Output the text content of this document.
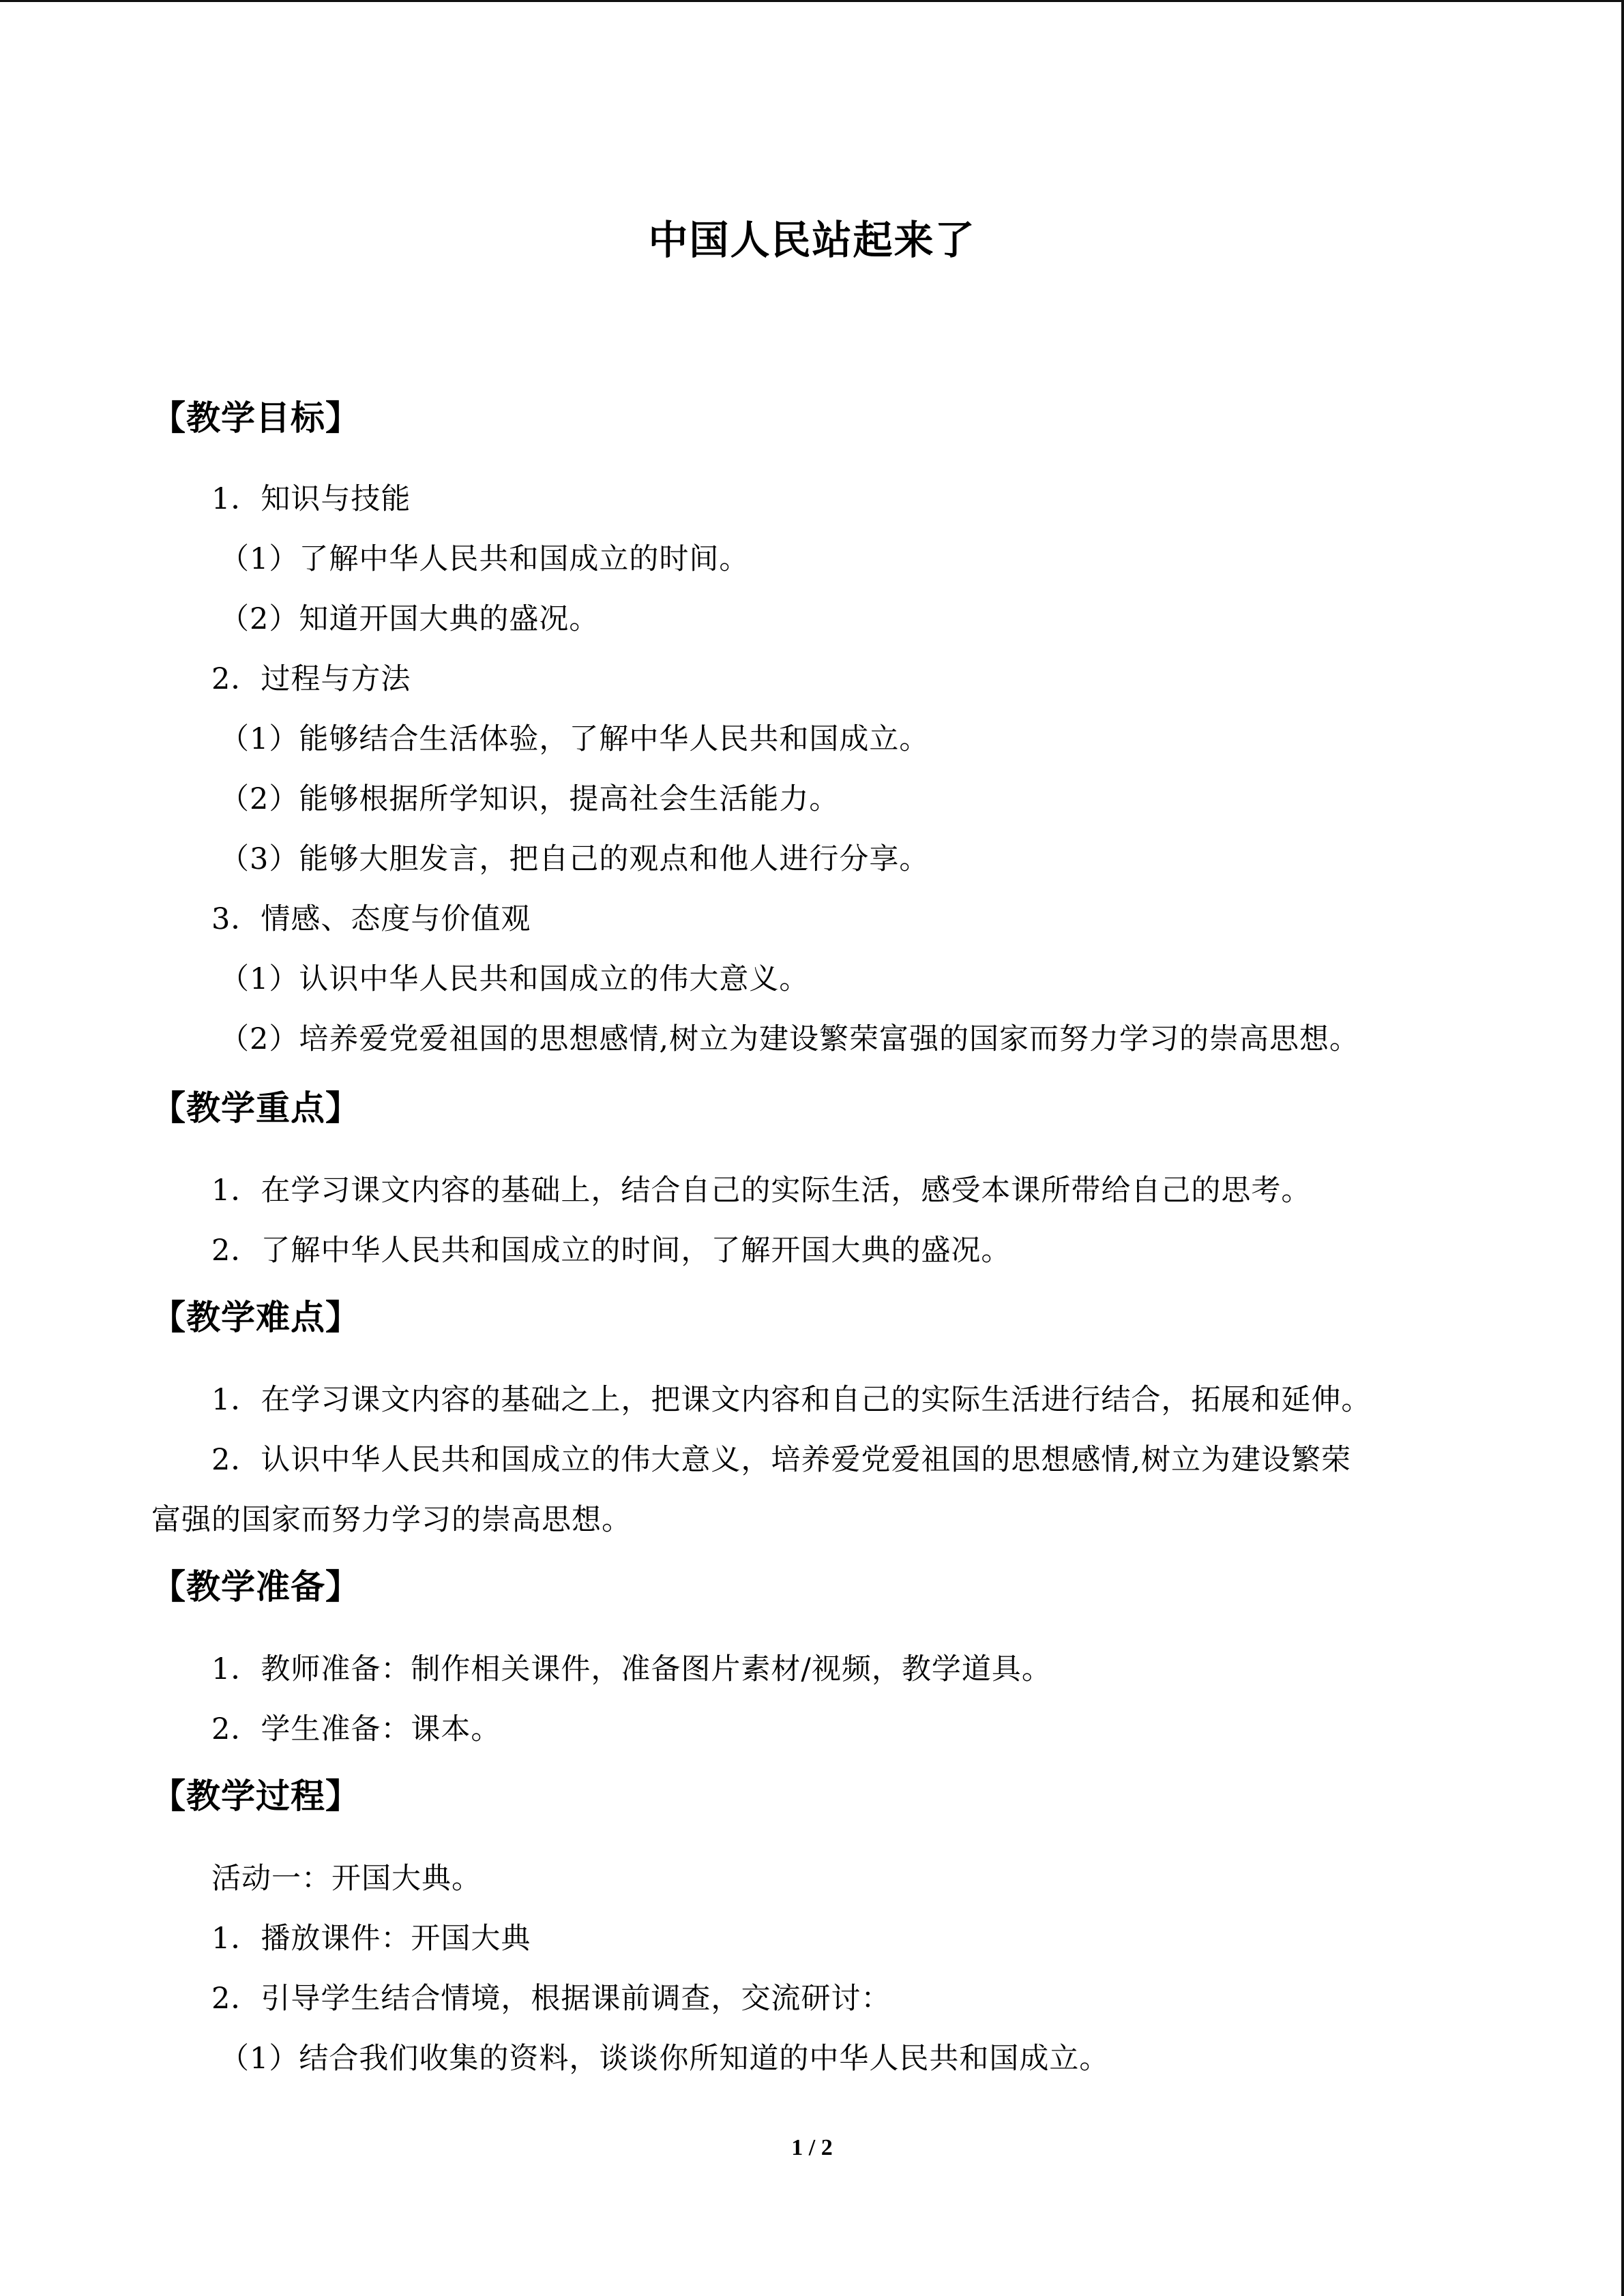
中国人民站起来了
【教学目标】
1．知识与技能
（1）了解中华人民共和国成立的时间。
（2）知道开国大典的盛况。
2．过程与方法
（1）能够结合生活体验，了解中华人民共和国成立。
（2）能够根据所学知识，提高社会生活能力。
（3）能够大胆发言，把自己的观点和他人进行分享。
3．情感、态度与价值观
（1）认识中华人民共和国成立的伟大意义。
（2）培养爱党爱祖国的思想感情,树立为建设繁荣富强的国家而努力学习的崇高思想。
【教学重点】
1．在学习课文内容的基础上，结合自己的实际生活，感受本课所带给自己的思考。
2．了解中华人民共和国成立的时间，了解开国大典的盛况。
【教学难点】
1．在学习课文内容的基础之上，把课文内容和自己的实际生活进行结合，拓展和延伸。
2．认识中华人民共和国成立的伟大意义，培养爱党爱祖国的思想感情,树立为建设繁荣
富强的国家而努力学习的崇高思想。
【教学准备】
1．教师准备：制作相关课件，准备图片素材/视频，教学道具。
2．学生准备：课本。
【教学过程】
活动一：开国大典。
1．播放课件：开国大典
2．引导学生结合情境，根据课前调查，交流研讨：
（1）结合我们收集的资料，谈谈你所知道的中华人民共和国成立。
1 / 2
